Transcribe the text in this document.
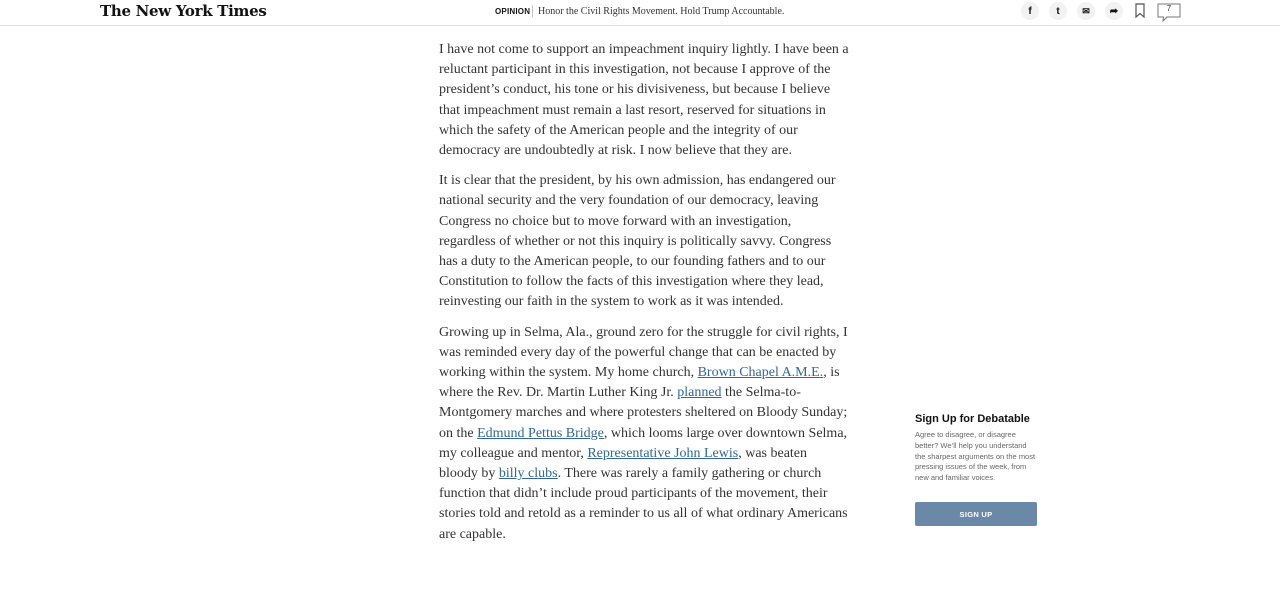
The New York Times	OPINION Honor the Civil Rights Movement. Hold Trump Accountable.	f t	✉ ➦	7

I have not come to support an impeachment inquiry lightly. I have been a reluctant participant in this investigation, not because I approve of the president’s conduct, his tone or his divisiveness, but because I believe that impeachment must remain a last resort, reserved for situations in which the safety of the American people and the integrity of our democracy are undoubtedly at risk. I now believe that they are.

It is clear that the president, by his own admission, has endangered our national security and the very foundation of our democracy, leaving Congress no choice but to move forward with an investigation, regardless of whether or not this inquiry is politically savvy. Congress has a duty to the American people, to our founding fathers and to our Constitution to follow the facts of this investigation where they lead, reinvesting our faith in the system to work as it was intended.

Growing up in Selma, Ala., ground zero for the struggle for civil rights, I was reminded every day of the powerful change that can be enacted by working within the system. My home church, Brown Chapel A.M.E., is where the Rev. Dr. Martin Luther King Jr. planned the Selma-to-Montgomery marches and where protesters sheltered on Bloody Sunday; on the Edmund Pettus Bridge, which looms large over downtown Selma, my colleague and mentor, Representative John Lewis, was beaten bloody by billy clubs. There was rarely a family gathering or church function that didn’t include proud participants of the movement, their stories told and retold as a reminder to us all of what ordinary Americans are capable.

Sign Up for Debatable

Agree to disagree, or disagree better? We’ll help you understand the sharpest arguments on the most pressing issues of the week, from new and familiar voices.

SIGN UP
